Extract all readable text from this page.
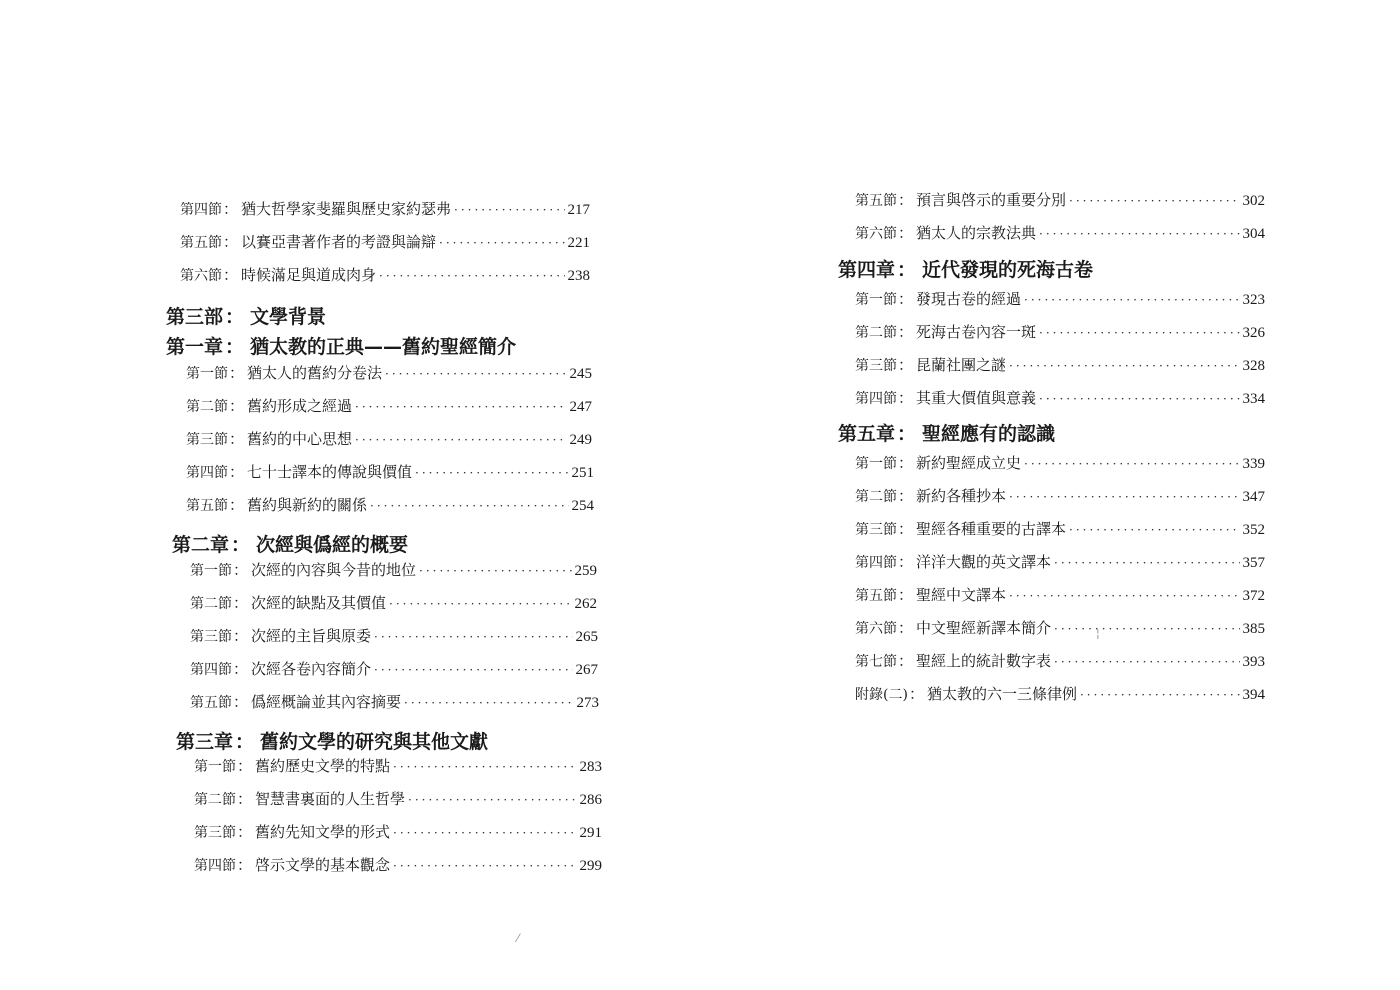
⁄
¦
第四節 ： 猶大哲學家斐羅與歷史家約瑟弗 ·····	217
第五節 ： 以賽亞書著作者的考證與論辯 ·····	221
第六節 ： 時候滿足與道成肉身 ·····	238
第三部 ： 文學背景
第一章 ： 猶太教的正典——舊約聖經簡介
第一節 ： 猶太人的舊約分卷法 ·····	245
第二節 ： 舊約形成之經過 ·····	247
第三節 ： 舊約的中心思想 ·····	249
第四節 ： 七十士譯本的傳說與價值 ·····	251
第五節 ： 舊約與新約的關係 ·····	254
第二章 ： 次經與僞經的概要
第一節 ： 次經的內容與今昔的地位 ·····	259
第二節 ： 次經的缺點及其價值 ·····	262
第三節 ： 次經的主旨與原委 ·····	265
第四節 ： 次經各卷內容簡介 ·····	267
第五節 ： 僞經概論並其內容摘要 ·····	273
第三章 ： 舊約文學的研究與其他文獻
第一節 ： 舊約歷史文學的特點 ·····	283
第二節 ： 智慧書裏面的人生哲學 ·····	286
第三節 ： 舊約先知文學的形式 ·····	291
第四節 ： 啓示文學的基本觀念 ·····	299
第五節 ： 預言與啓示的重要分別 ·····	302
第六節 ： 猶太人的宗教法典 ·····	304
第四章 ： 近代發現的死海古卷
第一節 ： 發現古卷的經過 ·····	323
第二節 ： 死海古卷內容一斑 ·····	326
第三節 ： 昆蘭社團之謎 ·····	328
第四節 ： 其重大價值與意義 ·····	334
第五章 ： 聖經應有的認識
第一節 ： 新約聖經成立史 ·····	339
第二節 ： 新約各種抄本 ·····	347
第三節 ： 聖經各種重要的古譯本 ·····	352
第四節 ： 洋洋大觀的英文譯本 ·····	357
第五節 ： 聖經中文譯本 ·····	372
第六節 ： 中文聖經新譯本簡介 ·····	385
第七節 ： 聖經上的統計數字表 ·····	393
附錄(二) ： 猶太教的六一三條律例 ·····	394
